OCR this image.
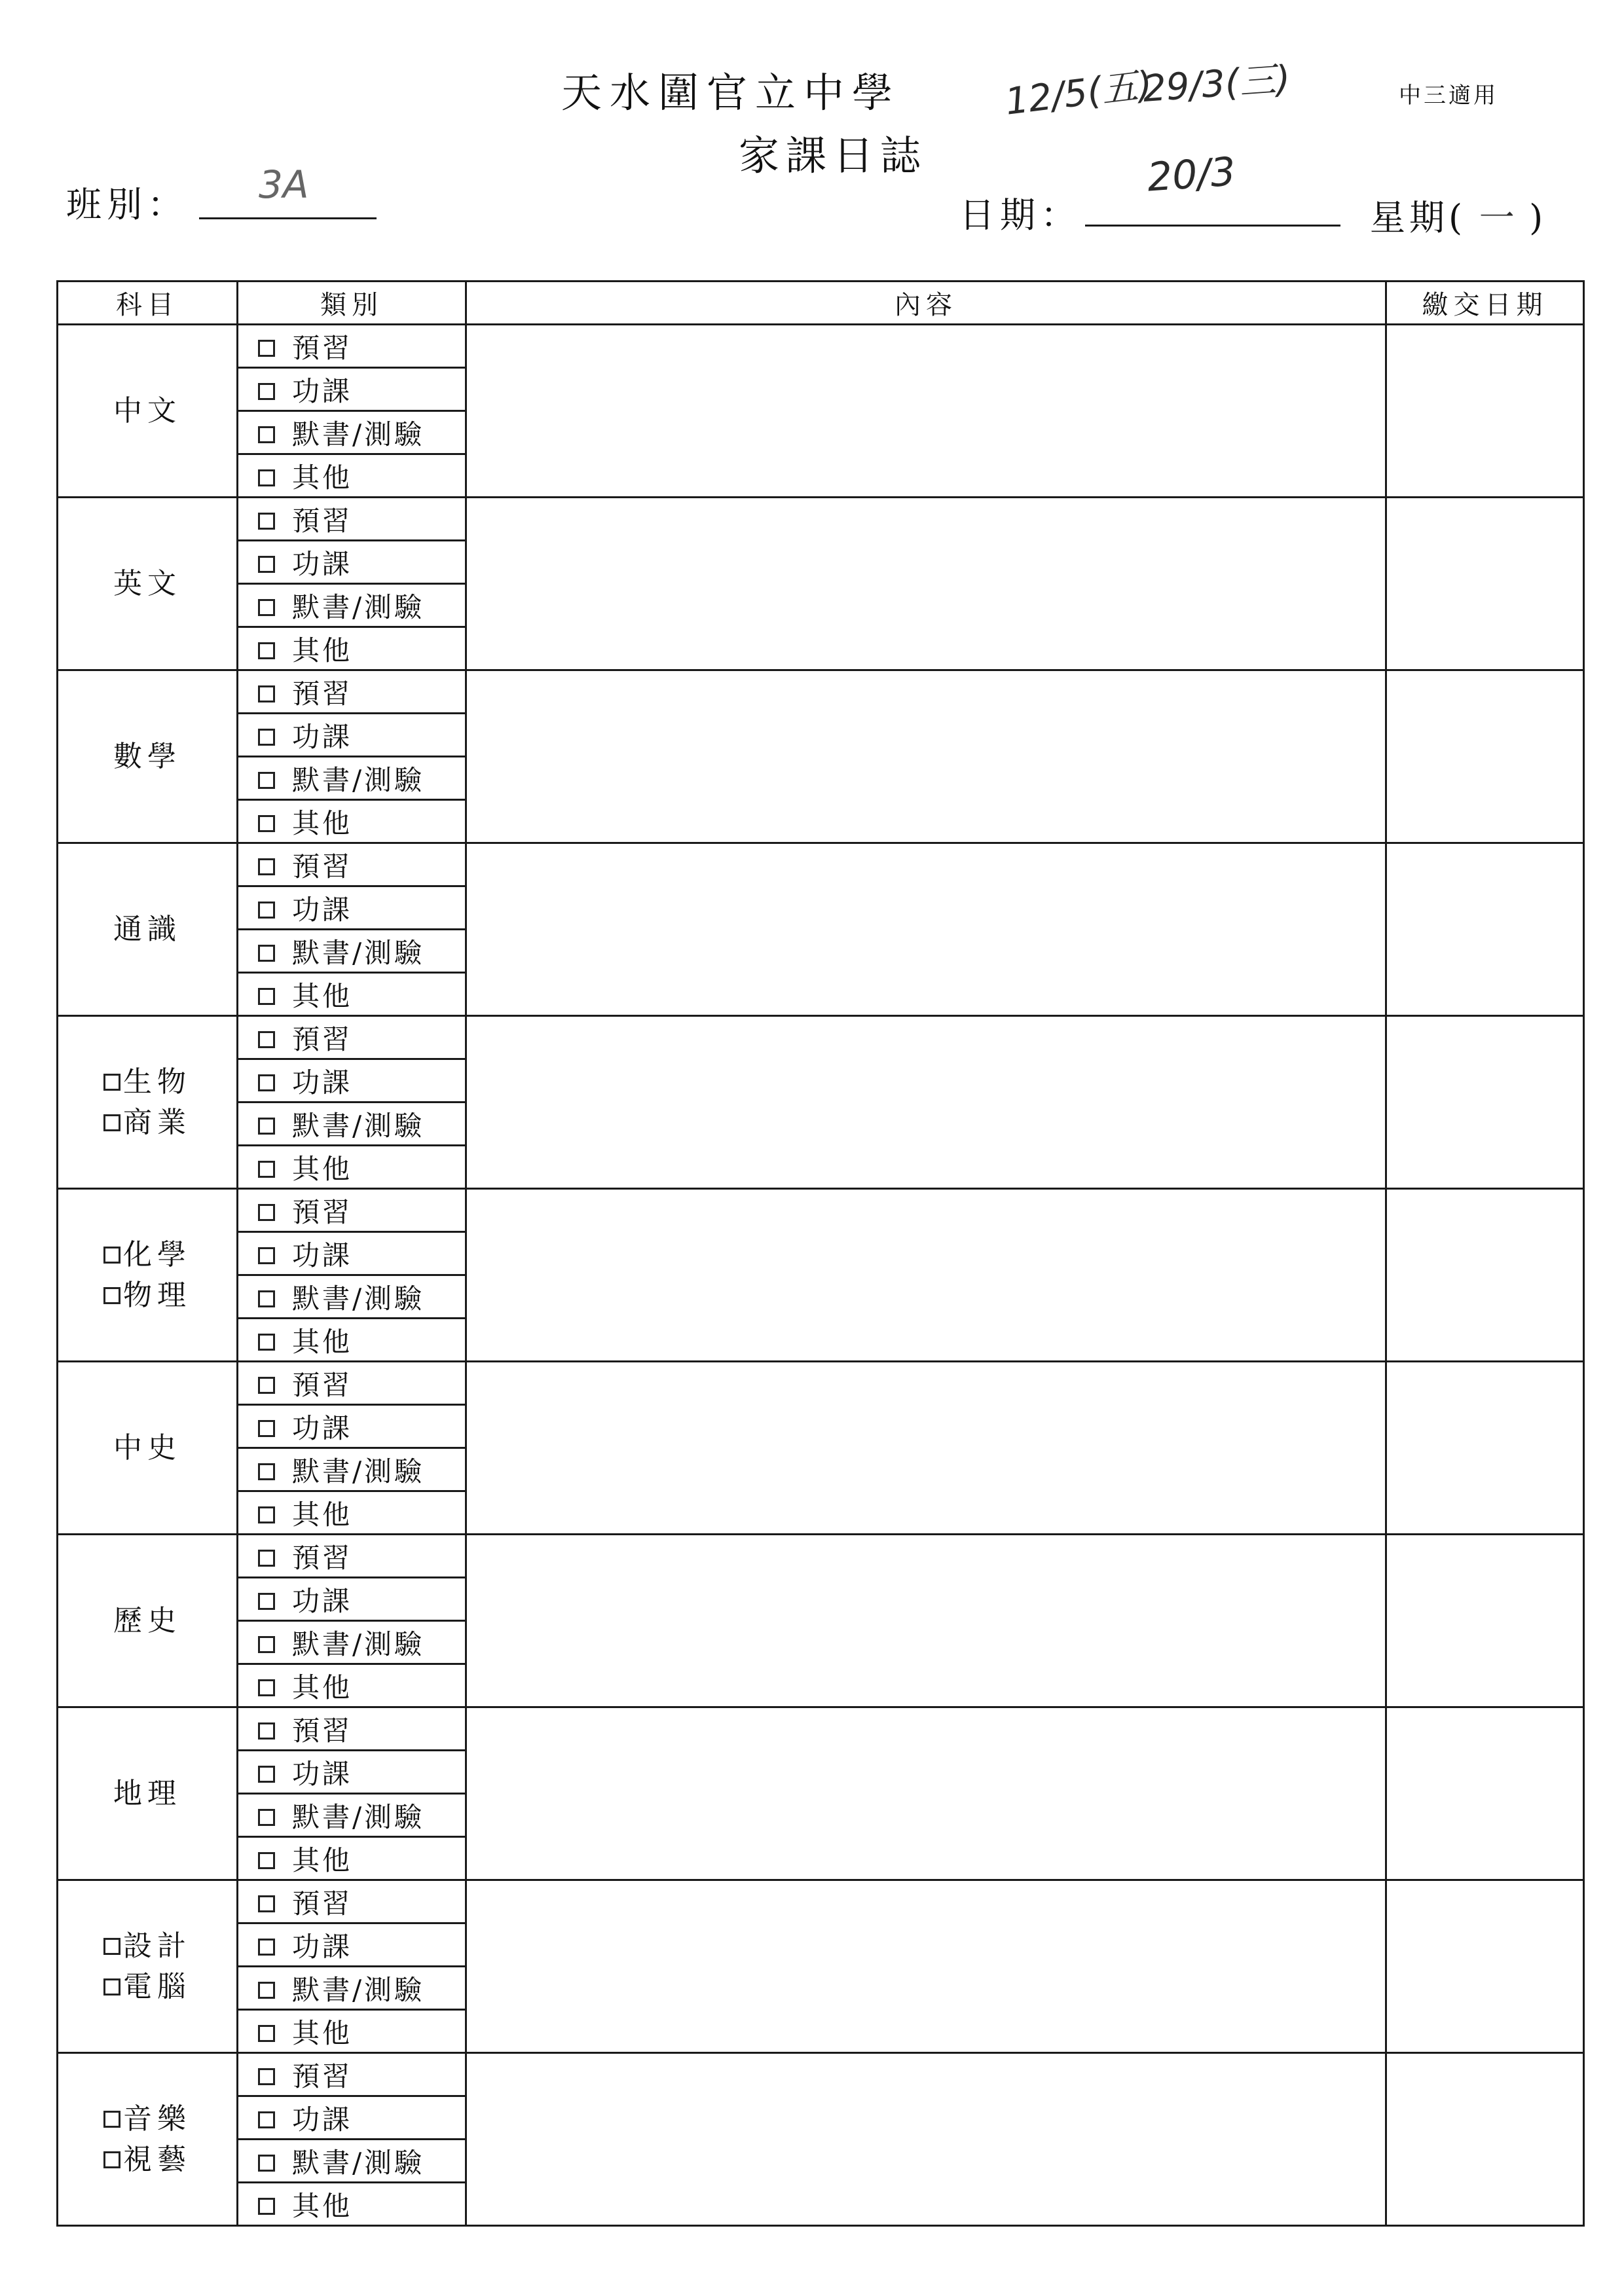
天水圍官立中學
家課日誌
中三適用
12/5(五)
29/3(三)
班別： 3A
日期：
20/3
星期( 一 )
科目	類別	內容	繳交日期

中文	預習		
	功課		
	默書/測驗		
	其他		

英文	預習		
	功課		
	默書/測驗		
	其他		

數學	預習		
	功課		
	默書/測驗		
	其他		

通識	預習		
	功課		
	默書/測驗		
	其他		

生物
商業	預習		
	功課		
	默書/測驗		
	其他		

化學
物理	預習		
	功課		
	默書/測驗		
	其他		

中史	預習		
	功課		
	默書/測驗		
	其他		

歷史	預習		
	功課		
	默書/測驗		
	其他		

地理	預習		
	功課		
	默書/測驗		
	其他		

設計
電腦	預習		
	功課		
	默書/測驗		
	其他		

音樂
視藝	預習		
	功課		
	默書/測驗		
	其他		
